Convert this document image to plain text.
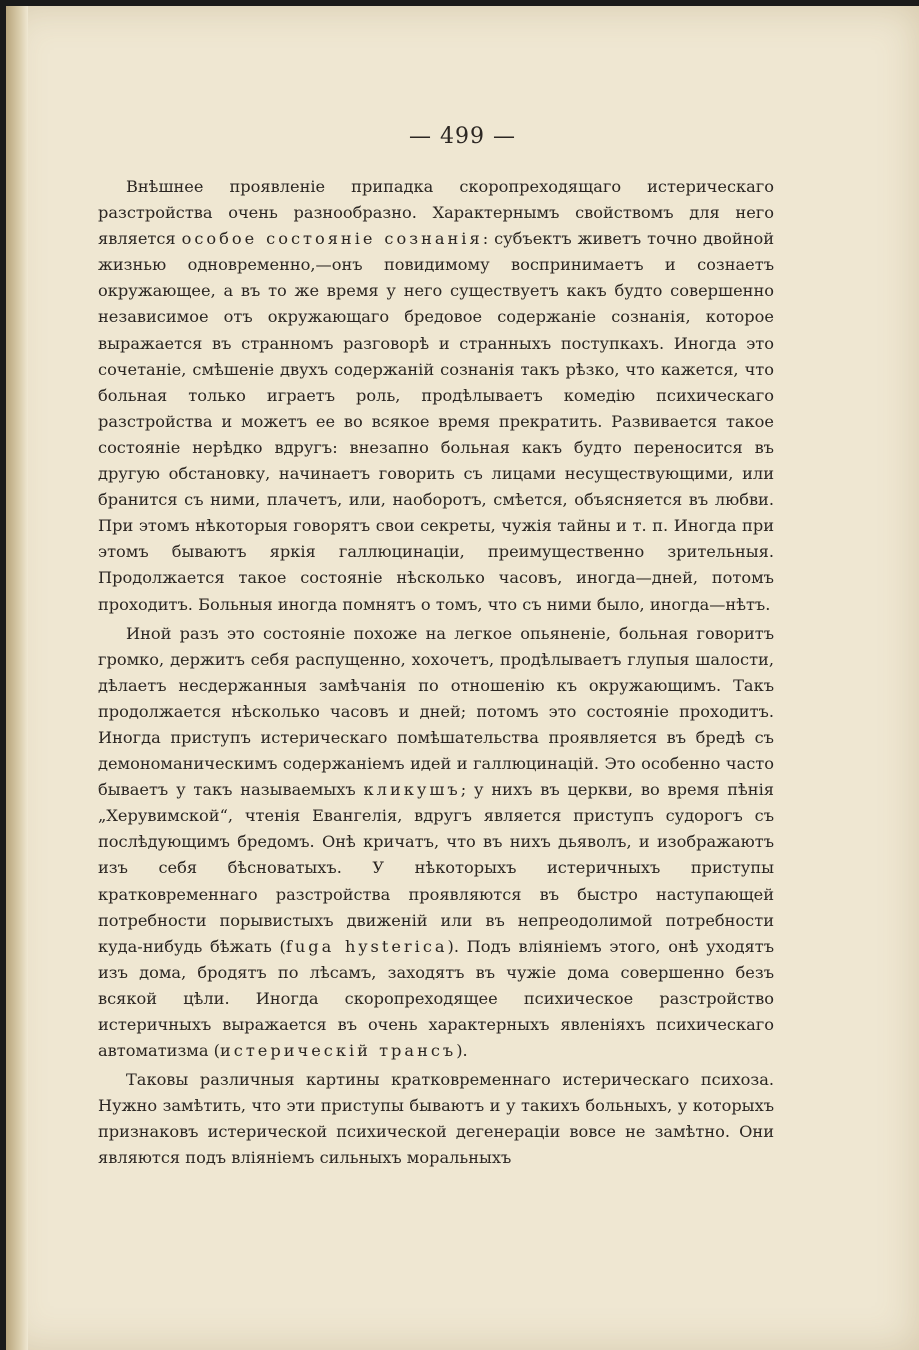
— 499 —

Внѣшнее проявленіе припадка скоропреходящаго истерическаго разстройства очень разнообразно. Характернымъ свойствомъ для него является особое состояніе сознанія: субъектъ живетъ точно двойной жизнью одновременно,—онъ повидимому воспринимаетъ и сознаетъ окружающее, а въ то же время у него существуетъ какъ будто совершенно независимое отъ окружающаго бредовое содержаніе сознанія, которое выражается въ странномъ разговорѣ и странныхъ поступкахъ. Иногда это сочетаніе, смѣшеніе двухъ содержаній сознанія такъ рѣзко, что кажется, что больная только играетъ роль, продѣлываетъ комедію психическаго разстройства и можетъ ее во всякое время прекратить. Развивается такое состояніе нерѣдко вдругъ: внезапно больная какъ будто переносится въ другую обстановку, начинаетъ говорить съ лицами несуществующими, или бранится съ ними, плачетъ, или, наоборотъ, смѣется, объясняется въ любви. При этомъ нѣкоторыя говорятъ свои секреты, чужія тайны и т. п. Иногда при этомъ бываютъ яркія галлюцинаціи, преимущественно зрительныя. Продолжается такое состояніе нѣсколько часовъ, иногда—дней, потомъ проходитъ. Больныя иногда помнятъ о томъ, что съ ними было, иногда—нѣтъ.

Иной разъ это состояніе похоже на легкое опьяненіе, больная говоритъ громко, держитъ себя распущенно, хохочетъ, продѣлываетъ глупыя шалости, дѣлаетъ несдержанныя замѣчанія по отношенію къ окружающимъ. Такъ продолжается нѣсколько часовъ и дней; потомъ это состояніе проходитъ. Иногда приступъ истерическаго помѣшательства проявляется въ бредѣ съ демономаническимъ содержаніемъ идей и галлюцинацій. Это особенно часто бываетъ у такъ называемыхъ кликушъ; у нихъ въ церкви, во время пѣнія „Херувимской“, чтенія Евангелія, вдругъ является приступъ судорогъ съ послѣдующимъ бредомъ. Онѣ кричатъ, что въ нихъ дьяволъ, и изображаютъ изъ себя бѣсноватыхъ. У нѣкоторыхъ истеричныхъ приступы кратковременнаго разстройства проявляются въ быстро наступающей потребности порывистыхъ движеній или въ непреодолимой потребности куда-нибудь бѣжать (fuga hysterica). Подъ вліяніемъ этого, онѣ уходятъ изъ дома, бродятъ по лѣсамъ, заходятъ въ чужіе дома совершенно безъ всякой цѣли. Иногда скоропреходящее психическое разстройство истеричныхъ выражается въ очень характерныхъ явленіяхъ психическаго автоматизма (истерическій трансъ).

Таковы различныя картины кратковременнаго истерическаго психоза. Нужно замѣтить, что эти приступы бываютъ и у такихъ больныхъ, у которыхъ признаковъ истерической психической дегенераціи вовсе не замѣтно. Они являются подъ вліяніемъ сильныхъ моральныхъ
